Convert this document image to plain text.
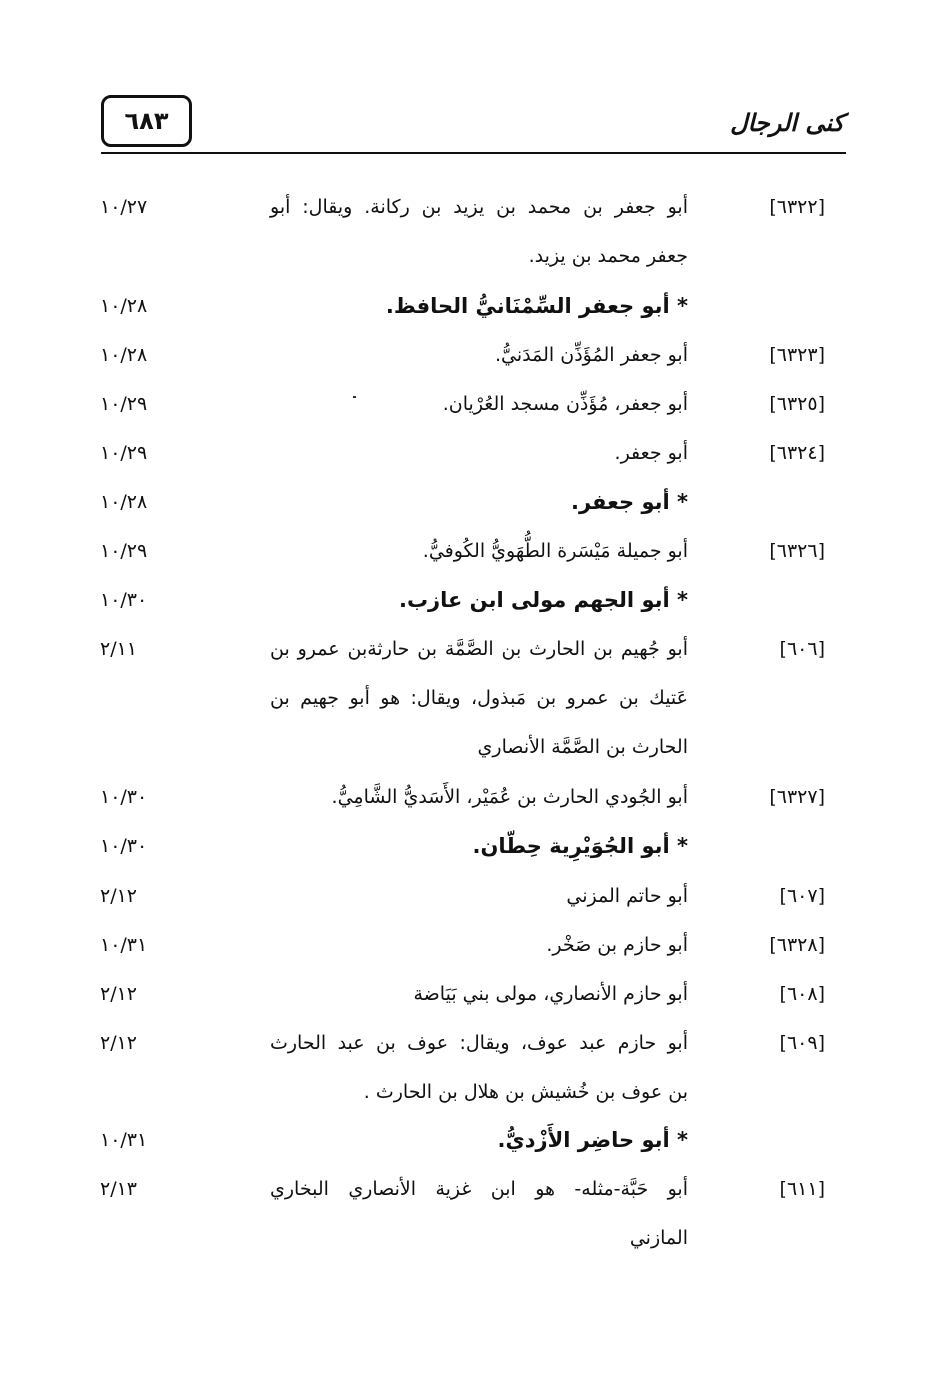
٦٨٣	كنى الرجال
[٦٣٢٢]
أبو جعفر بن محمد بن يزيد بن ركانة. ويقال: أبو
جعفر محمد بن يزيد.
١٠/٢٧
* أبو جعفر السِّمْنَانيُّ الحافظ.
١٠/٢٨
[٦٣٢٣]
أبو جعفر المُؤَذِّن المَدَنيُّ.
١٠/٢٨
[٦٣٢٥]
أبو جعفر، مُؤَذِّن مسجد العُرْيان.
١٠/٢٩
[٦٣٢٤]
أبو جعفر.
١٠/٢٩
* أبو جعفر.
١٠/٢٨
[٦٣٢٦]
أبو جميلة مَيْسَرة الطُّهَويُّ الكُوفيُّ.
١٠/٢٩
* أبو الجهم مولى ابن عازب.
١٠/٣٠
[٦٠٦]
أبو جُهيم بن الحارث بن الصَّمَّة بن حارثةبن عمرو بن
عَتيك بن عمرو بن مَبذول، ويقال: هو أبو جهيم بن
الحارث بن الصَّمَّة الأنصاري
٢/١١
[٦٣٢٧]
أبو الجُودي الحارث بن عُمَيْر، الأَسَديُّ الشَّامِيُّ.
١٠/٣٠
* أبو الجُوَيْرِية حِطّان.
١٠/٣٠
[٦٠٧]
أبو حاتم المزني
٢/١٢
[٦٣٢٨]
أبو حازم بن صَخْر.
١٠/٣١
[٦٠٨]
أبو حازم الأنصاري، مولى بني بَيَاضة
٢/١٢
[٦٠٩]
أبو حازم عبد عوف، ويقال: عوف بن عبد الحارث
بن عوف بن خُشيش بن هلال بن الحارث .
٢/١٢
* أبو حاضِر الأَزْديُّ.
١٠/٣١
[٦١١]
أبو حَبَّة-مثله- هو ابن غزية الأنصاري البخاري
المازني
٢/١٣
